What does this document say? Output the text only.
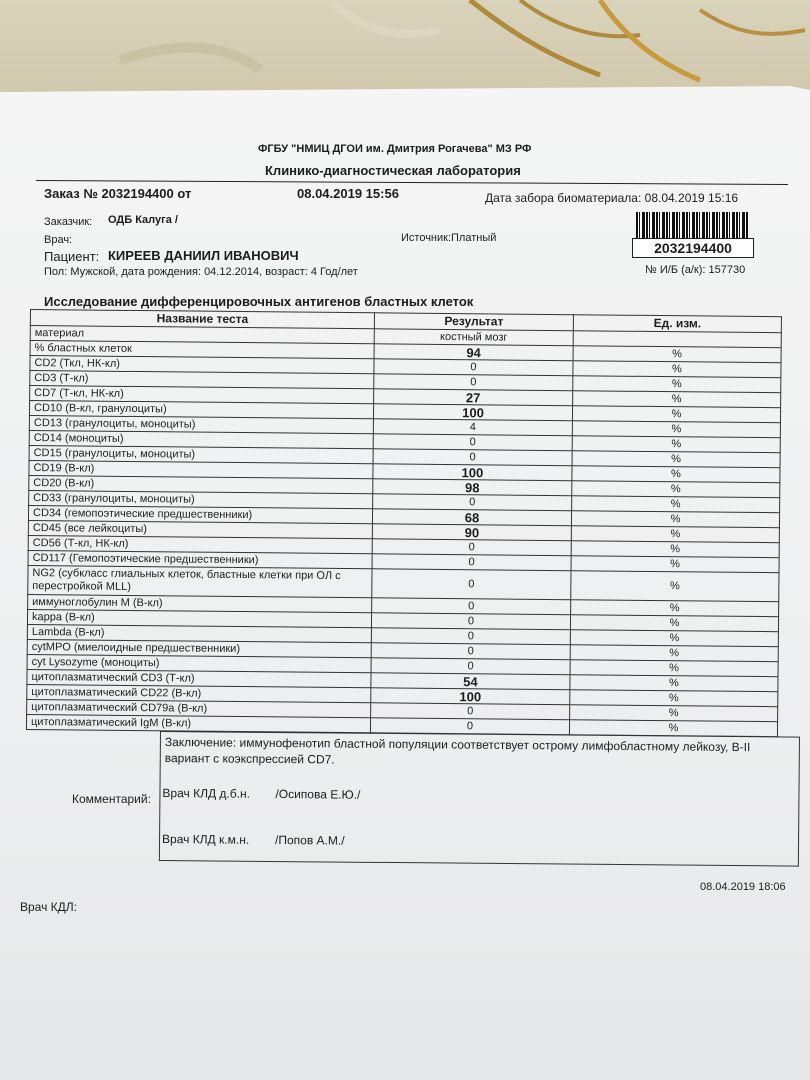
ФГБУ "НМИЦ ДГОИ им. Дмитрия Рогачева" МЗ РФ
Клинико-диагностическая лаборатория
Заказ № 2032194400 от	08.04.2019 15:56	Дата забора биоматериала: 08.04.2019 15:16
Заказчик: ОДБ Калуга /
Врач:	Источник:Платный
2032194400
Пациент: КИРЕЕВ ДАНИИЛ ИВАНОВИЧ
Пол: Мужской, дата рождения: 04.12.2014, возраст: 4 Год/лет	№ И/Б (а/к): 157730
Исследование дифференцировочных антигенов бластных клеток
Название теста	Результат	Ед. изм.
материал	костный мозг	
% бластных клеток	94	%
CD2 (Ткл, НК-кл)	0	%
CD3 (Т-кл)	0	%
CD7 (Т-кл, НК-кл)	27	%
CD10 (В-кл, гранулоциты)	100	%
CD13 (гранулоциты, моноциты)	4	%
CD14 (моноциты)	0	%
CD15 (гранулоциты, моноциты)	0	%
CD19 (В-кл)	100	%
CD20 (В-кл)	98	%
CD33 (гранулоциты, моноциты)	0	%
CD34 (гемопоэтические предшественники)	68	%
CD45 (все лейкоциты)	90	%
CD56 (Т-кл, НК-кл)	0	%
CD117 (Гемопоэтические предшественники)	0	%
NG2 (субкласс глиальных клеток, бластные клетки при ОЛ с перестройкой MLL)	0	%
иммуноглобулин M (В-кл)	0	%
kappa (В-кл)	0	%
Lambda (В-кл)	0	%
cytMPO (миелоидные предшественники)	0	%
cyt Lysozyme (моноциты)	0	%
цитоплазматический CD3 (Т-кл)	54	%
цитоплазматический CD22 (В-кл)	100	%
цитоплазматический CD79a (В-кл)	0	%
цитоплазматический IgM (В-кл)	0	%
Комментарий:
Заключение: иммунофенотип бластной популяции соответствует острому лимфобластному лейкозу, В-II вариант с коэкспрессией CD7.
Врач КЛД д.б.н. /Осипова Е.Ю./
Врач КЛД к.м.н. /Попов А.М./
08.04.2019 18:06
Врач КДЛ:
